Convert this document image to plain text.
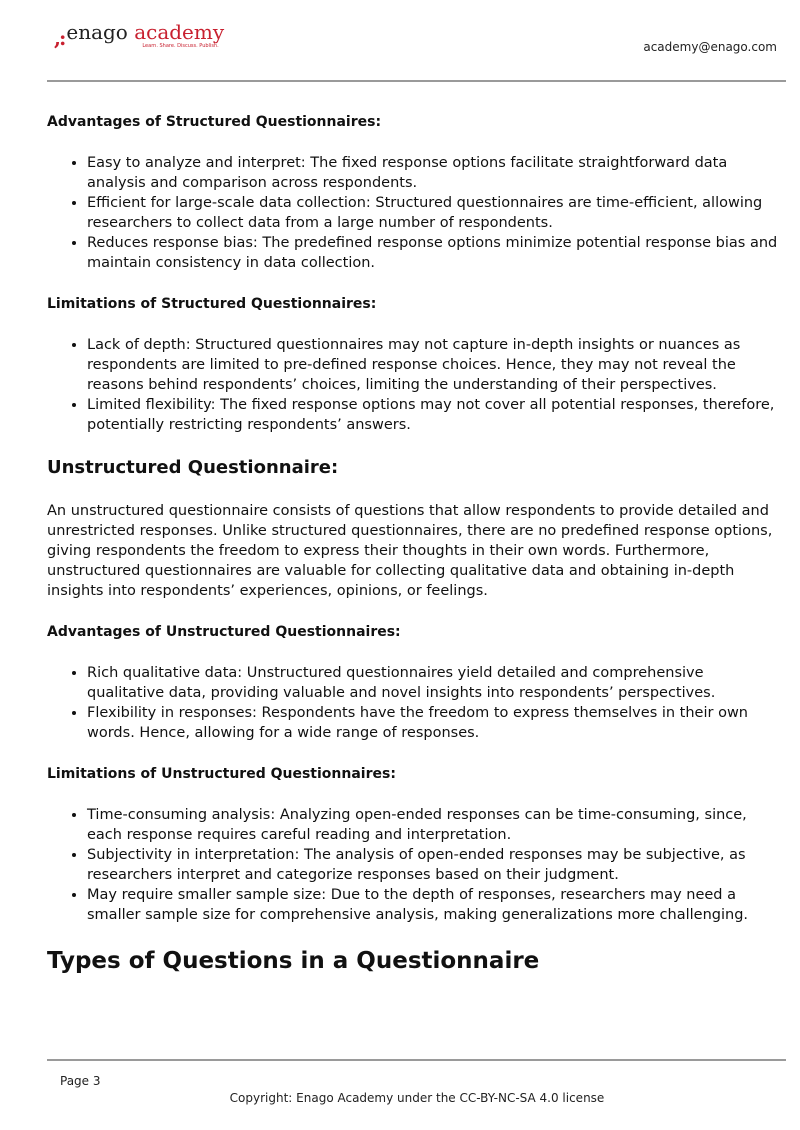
,: enago academy
Learn. Share. Discuss. Publish.	academy@enago.com
Advantages of Structured Questionnaires:
• Easy to analyze and interpret: The fixed response options facilitate straightforward data analysis and comparison across respondents.
• Efficient for large-scale data collection: Structured questionnaires are time-efficient, allowing researchers to collect data from a large number of respondents.
• Reduces response bias: The predefined response options minimize potential response bias and maintain consistency in data collection.
Limitations of Structured Questionnaires:
• Lack of depth: Structured questionnaires may not capture in-depth insights or nuances as respondents are limited to pre-defined response choices. Hence, they may not reveal the reasons behind respondents’ choices, limiting the understanding of their perspectives.
• Limited flexibility: The fixed response options may not cover all potential responses, therefore, potentially restricting respondents’ answers.
Unstructured Questionnaire:

An unstructured questionnaire consists of questions that allow respondents to provide detailed and unrestricted responses. Unlike structured questionnaires, there are no predefined response options, giving respondents the freedom to express their thoughts in their own words. Furthermore, unstructured questionnaires are valuable for collecting qualitative data and obtaining in-depth insights into respondents’ experiences, opinions, or feelings.

Advantages of Unstructured Questionnaires:
• Rich qualitative data: Unstructured questionnaires yield detailed and comprehensive qualitative data, providing valuable and novel insights into respondents’ perspectives.
• Flexibility in responses: Respondents have the freedom to express themselves in their own words. Hence, allowing for a wide range of responses.
Limitations of Unstructured Questionnaires:
• Time-consuming analysis: Analyzing open-ended responses can be time-consuming, since, each response requires careful reading and interpretation.
• Subjectivity in interpretation: The analysis of open-ended responses may be subjective, as researchers interpret and categorize responses based on their judgment.
• May require smaller sample size: Due to the depth of responses, researchers may need a smaller sample size for comprehensive analysis, making generalizations more challenging.
Types of Questions in a Questionnaire
Page 3
Copyright: Enago Academy under the CC-BY-NC-SA 4.0 license
